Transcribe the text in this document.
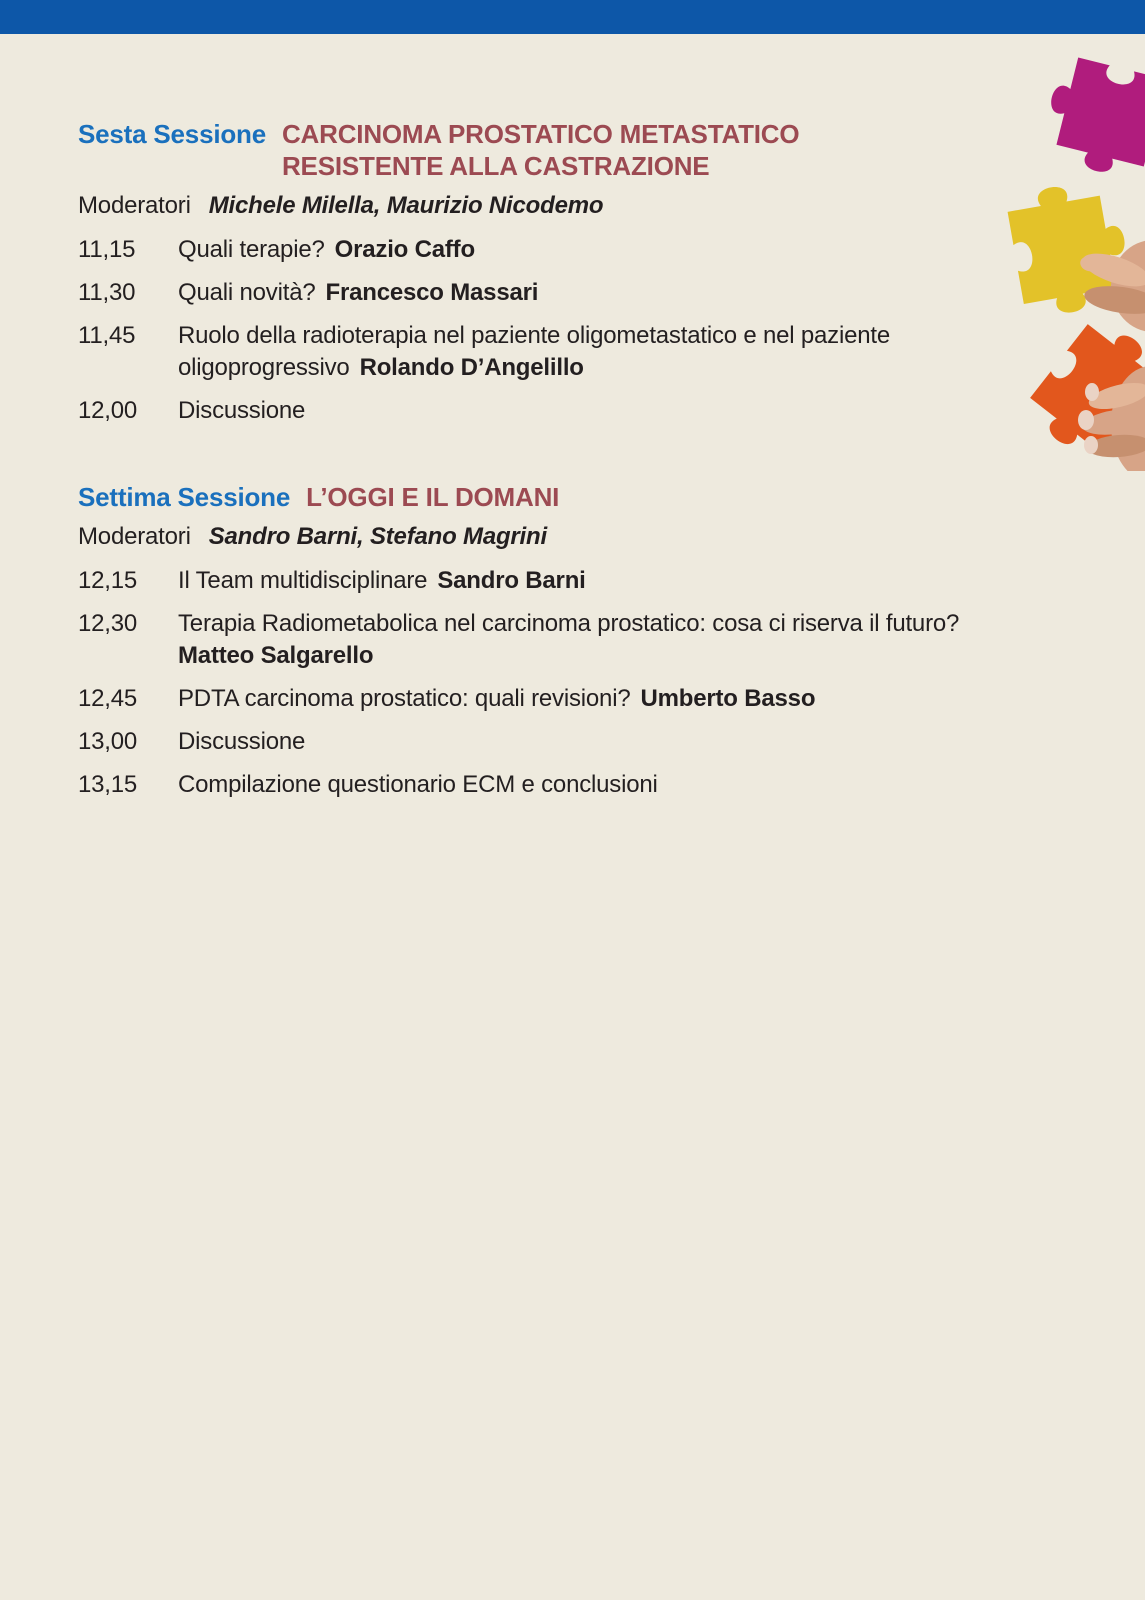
Sesta Sessione CARCINOMA PROSTATICO METASTATICO
RESISTENTE ALLA CASTRAZIONE
Moderatori Michele Milella, Maurizio Nicodemo
11,15	Quali terapie? Orazio Caffo
11,30	Quali novità? Francesco Massari
11,45	Ruolo della radioterapia nel paziente oligometastatico e nel paziente oligoprogressivo Rolando D’Angelillo
12,00	Discussione
Settima Sessione L’OGGI E IL DOMANI
Moderatori Sandro Barni, Stefano Magrini
12,15	Il Team multidisciplinare Sandro Barni
12,30	Terapia Radiometabolica nel carcinoma prostatico: cosa ci riserva il futuro?
Matteo Salgarello
12,45	PDTA carcinoma prostatico: quali revisioni? Umberto Basso
13,00	Discussione
13,15	Compilazione questionario ECM e conclusioni
